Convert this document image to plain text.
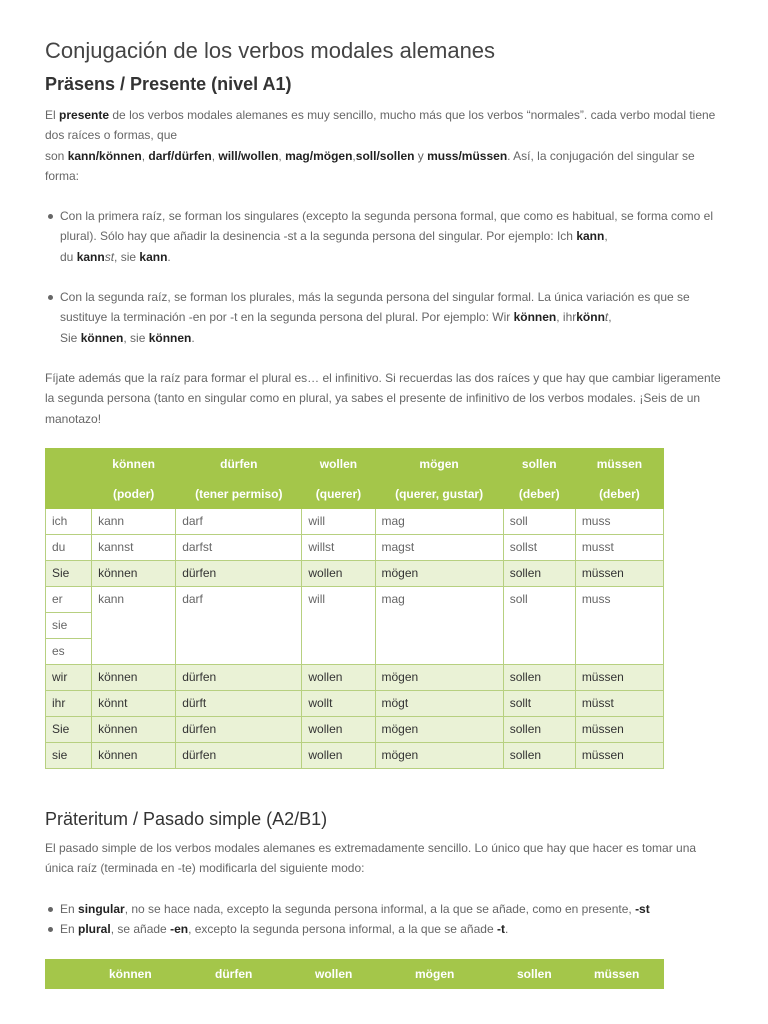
Conjugación de los verbos modales alemanes
Präsens / Presente (nivel A1)

El presente de los verbos modales alemanes es muy sencillo, mucho más que los verbos “normales”. cada verbo modal tiene dos raíces o formas, que
son kann/können, darf/dürfen, will/wollen, mag/mögen,soll/sollen y muss/müssen. Así, la conjugación del singular se forma:

Con la primera raíz, se forman los singulares (excepto la segunda persona formal, que como es habitual, se forma como el plural). Sólo hay que añadir la desinencia -st a la segunda persona del singular. Por ejemplo: Ich kann,
du kannst, sie kann.
Con la segunda raíz, se forman los plurales, más la segunda persona del singular formal. La única variación es que se sustituye la terminación -en por -t en la segunda persona del plural. Por ejemplo: Wir können, ihrkönnt,
Sie können, sie können.

Fíjate además que la raíz para formar el plural es… el infinitivo. Si recuerdas las dos raíces y que hay que cambiar ligeramente la segunda persona (tanto en singular como en plural, ya sabes el presente de infinitivo de los verbos modales. ¡Seis de un manotazo!

	können	dürfen	wollen	mögen	sollen	müssen
	(poder)	(tener permiso)	(querer)	(querer, gustar)	(deber)	(deber)
ich	kann	darf	will	mag	soll	muss
du	kannst	darfst	willst	magst	sollst	musst
Sie	können	dürfen	wollen	mögen	sollen	müssen
er	kann	darf	will	mag	soll	muss
sie						
es						
wir	können	dürfen	wollen	mögen	sollen	müssen
ihr	könnt	dürft	wollt	mögt	sollt	müsst
Sie	können	dürfen	wollen	mögen	sollen	müssen
sie	können	dürfen	wollen	mögen	sollen	müssen
Präteritum / Pasado simple (A2/B1)

El pasado simple de los verbos modales alemanes es extremadamente sencillo. Lo único que hay que hacer es tomar una única raíz (terminada en -te) modificarla del siguiente modo:

En singular, no se hace nada, excepto la segunda persona informal, a la que se añade, como en presente, -st
En plural, se añade -en, excepto la segunda persona informal, a la que se añade -t.
können	dürfen	wollen	mögen	sollen	müssen
